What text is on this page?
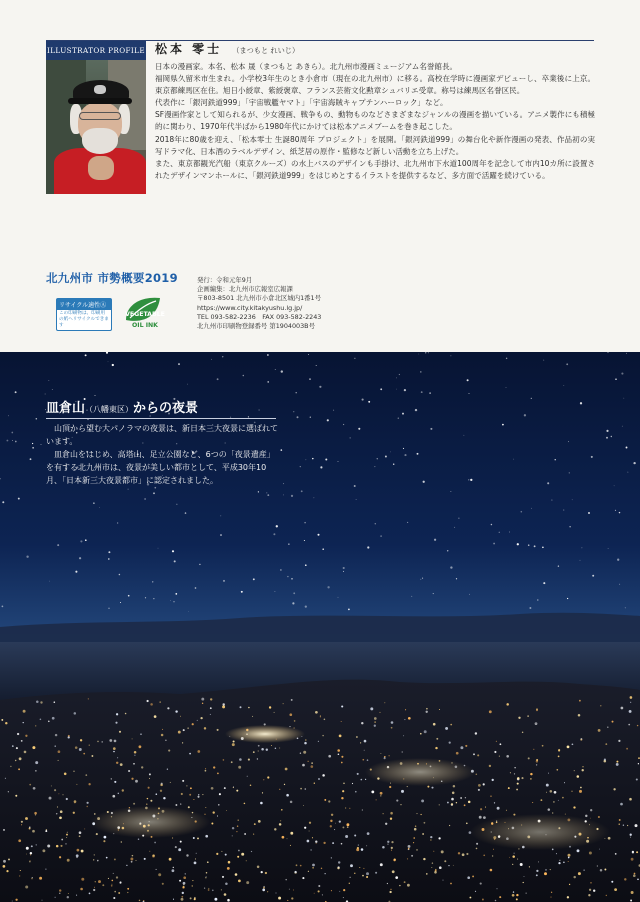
ILLUSTRATOR PROFILE 松本 零士 （まつもと れいじ）

日本の漫画家。本名、松本 晟（まつもと あきら）。北九州市漫画ミュージアム名誉館長。

福岡県久留米市生まれ。小学校3年生のとき小倉市（現在の北九州市）に移る。高校在学時に漫画家デビューし、卒業後に上京。東京都練馬区在住。旭日小綬章、紫綬褒章、フランス芸術文化勲章シュバリエ受章。称号は練馬区名誉区民。

代表作に「銀河鉄道999」「宇宙戦艦ヤマト」「宇宙海賊キャプテンハーロック」など。

SF漫画作家として知られるが、少女漫画、戦争もの、動物ものなどさまざまなジャンルの漫画を描いている。アニメ製作にも積極的に関わり、1970年代半ばから1980年代にかけては松本アニメブームを巻き起こした。

2018年に80歳を迎え、「松本零士 生誕80周年 プロジェクト」を展開。「銀河鉄道999」の舞台化や新作漫画の発表、作品初の実写ドラマ化、日本酒のラベルデザイン、紙芝居の原作・監修など新しい活動を立ち上げた。

また、東京都観光汽船（東京クルーズ）の水上バスのデザインも手掛け、北九州市下水道100周年を記念して市内10カ所に設置されたデザインマンホールに、「銀河鉄道999」をはじめとするイラストを提供するなど、多方面で活躍を続けている。

北九州市 市勢概要2019
リサイクル適性Ⓐ
この印刷物は、印刷用の紙へリサイクルできます
VEGETABLE
OIL INK

発行：令和元年9月

企画編集：北九州市広報室広報課

〒803-8501 北九州市小倉北区城内1番1号

https://www.city.kitakyushu.lg.jp/

TEL 093-582-2236　FAX 093-582-2243

北九州市印刷物登録番号 第1904003B号

皿倉山（八幡東区）からの夜景

　山頂から望む大パノラマの夜景は、新日本三大夜景に選ばれています。

　皿倉山をはじめ、高塔山、足立公園など、6つの「夜景遺産」を有する北九州市は、夜景が美しい都市として、平成30年10月、「日本新三大夜景都市」に認定されました。
